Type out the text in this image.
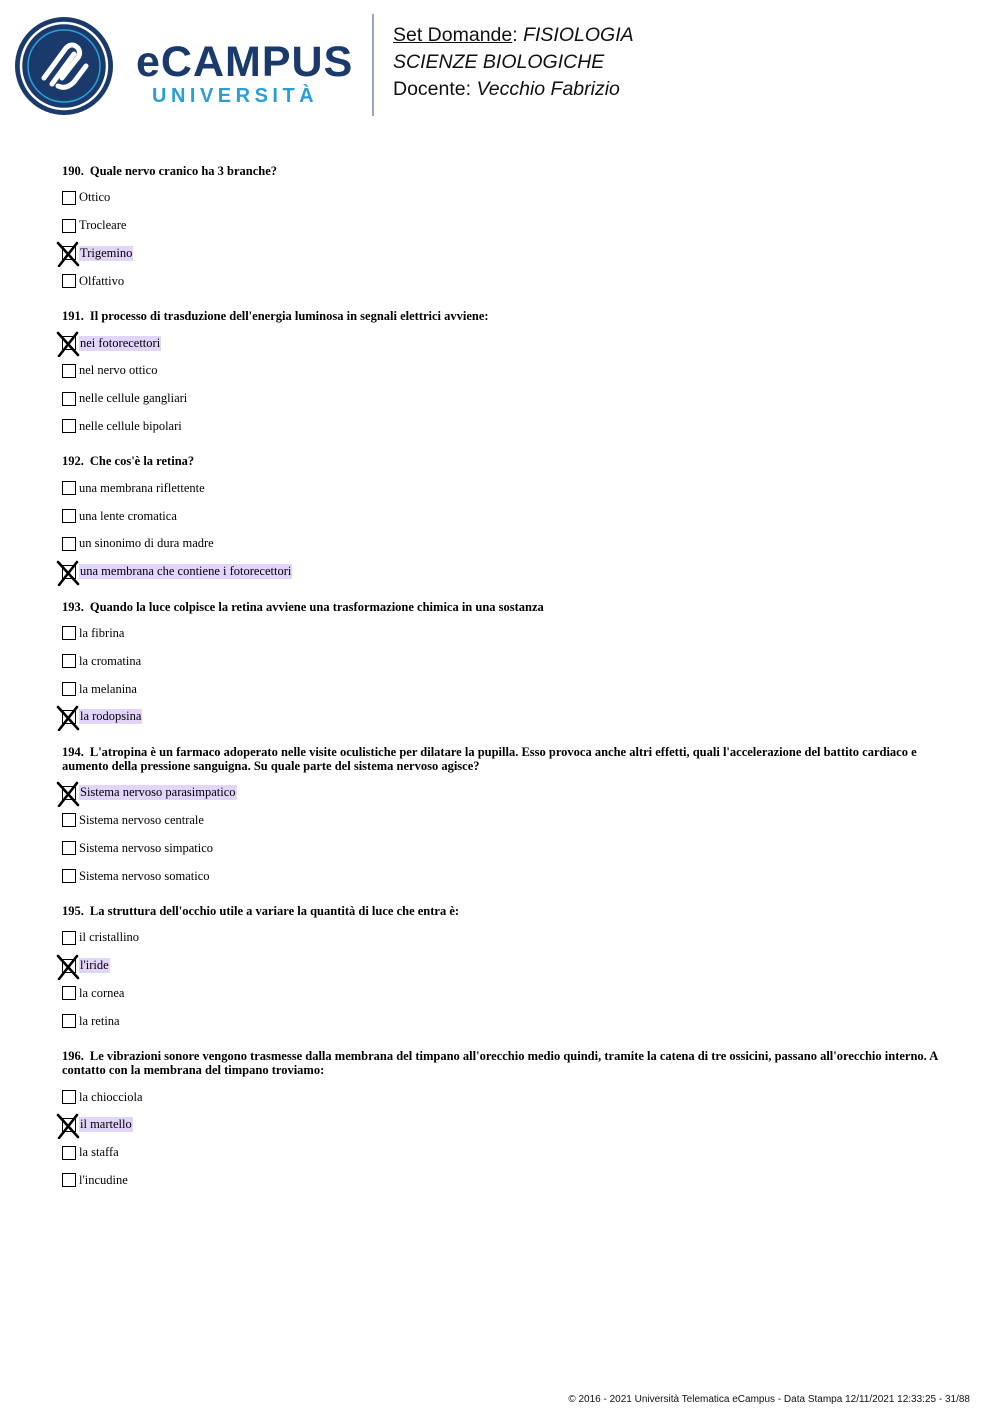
eCAMPUS
UNIVERSITÀ
Set Domande: FISIOLOGIA
SCIENZE BIOLOGICHE
Docente: Vecchio Fabrizio
190. Quale nervo cranico ha 3 branche?
Ottico
Trocleare
Trigemino
Olfattivo
191. Il processo di trasduzione dell'energia luminosa in segnali elettrici avviene:
nei fotorecettori
nel nervo ottico
nelle cellule gangliari
nelle cellule bipolari
192. Che cos'è la retina?
una membrana riflettente
una lente cromatica
un sinonimo di dura madre
una membrana che contiene i fotorecettori
193. Quando la luce colpisce la retina avviene una trasformazione chimica in una sostanza
la fibrina
la cromatina
la melanina
la rodopsina
194. L'atropina è un farmaco adoperato nelle visite oculistiche per dilatare la pupilla. Esso provoca anche altri effetti, quali l'accelerazione del battito cardiaco e aumento della pressione sanguigna. Su quale parte del sistema nervoso agisce?
Sistema nervoso parasimpatico
Sistema nervoso centrale
Sistema nervoso simpatico
Sistema nervoso somatico
195. La struttura dell'occhio utile a variare la quantità di luce che entra è:
il cristallino
l'iride
la cornea
la retina
196. Le vibrazioni sonore vengono trasmesse dalla membrana del timpano all'orecchio medio quindi, tramite la catena di tre ossicini, passano all'orecchio interno. A contatto con la membrana del timpano troviamo:
la chiocciola
il martello
la staffa
l'incudine
© 2016 - 2021 Università Telematica eCampus - Data Stampa 12/11/2021 12:33:25 - 31/88
